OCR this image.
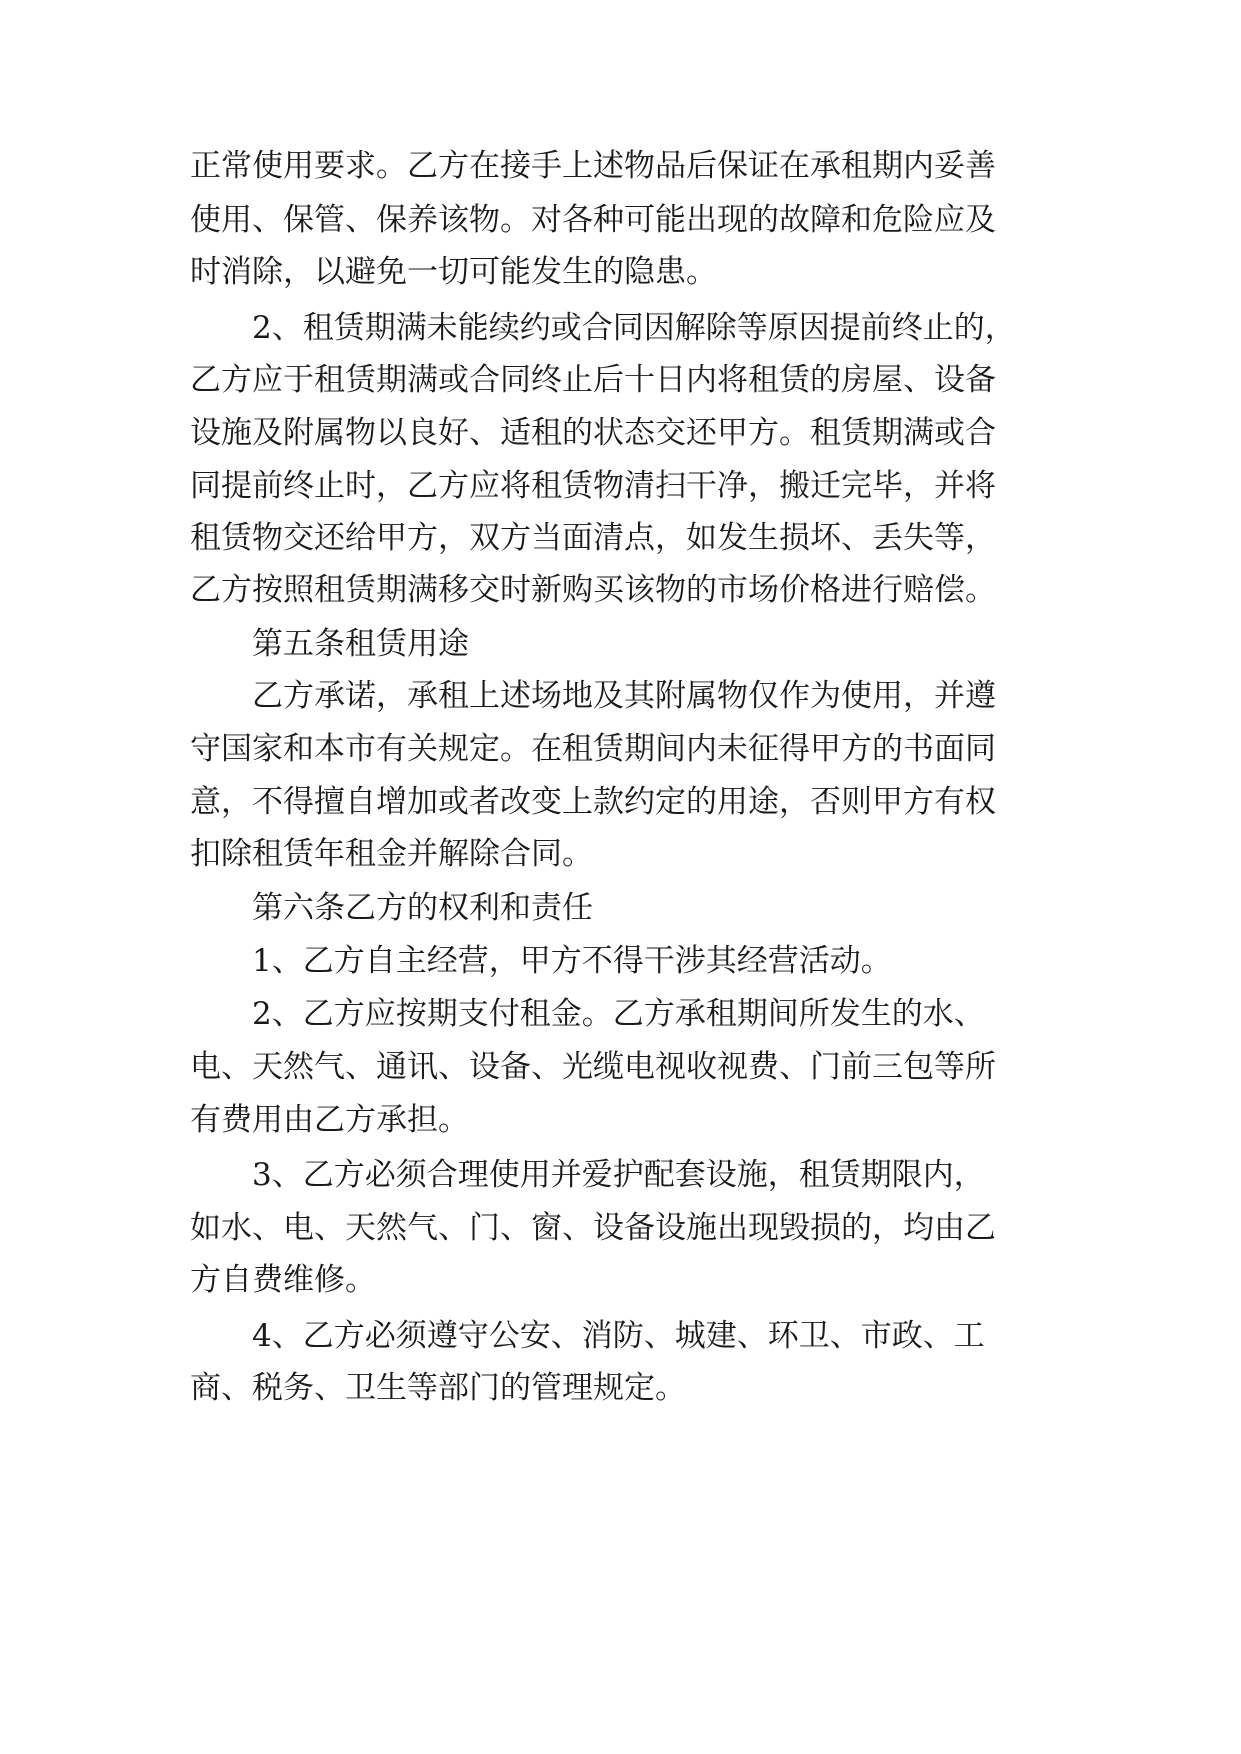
正常使用要求。乙方在接手上述物品后保证在承租期内妥善
使用、保管、保养该物。对各种可能出现的故障和危险应及
时消除，以避免一切可能发生的隐患。
2、租赁期满未能续约或合同因解除等原因提前终止的，
乙方应于租赁期满或合同终止后十日内将租赁的房屋、设备
设施及附属物以良好、适租的状态交还甲方。租赁期满或合
同提前终止时，乙方应将租赁物清扫干净，搬迁完毕，并将
租赁物交还给甲方，双方当面清点，如发生损坏、丢失等，
乙方按照租赁期满移交时新购买该物的市场价格进行赔偿。
第五条租赁用途
乙方承诺，承租上述场地及其附属物仅作为使用，并遵
守国家和本市有关规定。在租赁期间内未征得甲方的书面同
意，不得擅自增加或者改变上款约定的用途，否则甲方有权
扣除租赁年租金并解除合同。
第六条乙方的权利和责任
1、乙方自主经营，甲方不得干涉其经营活动。
2、乙方应按期支付租金。乙方承租期间所发生的水、
电、天然气、通讯、设备、光缆电视收视费、门前三包等所
有费用由乙方承担。
3、乙方必须合理使用并爱护配套设施，租赁期限内，
如水、电、天然气、门、窗、设备设施出现毁损的，均由乙
方自费维修。
4、乙方必须遵守公安、消防、城建、环卫、市政、工
商、税务、卫生等部门的管理规定。
